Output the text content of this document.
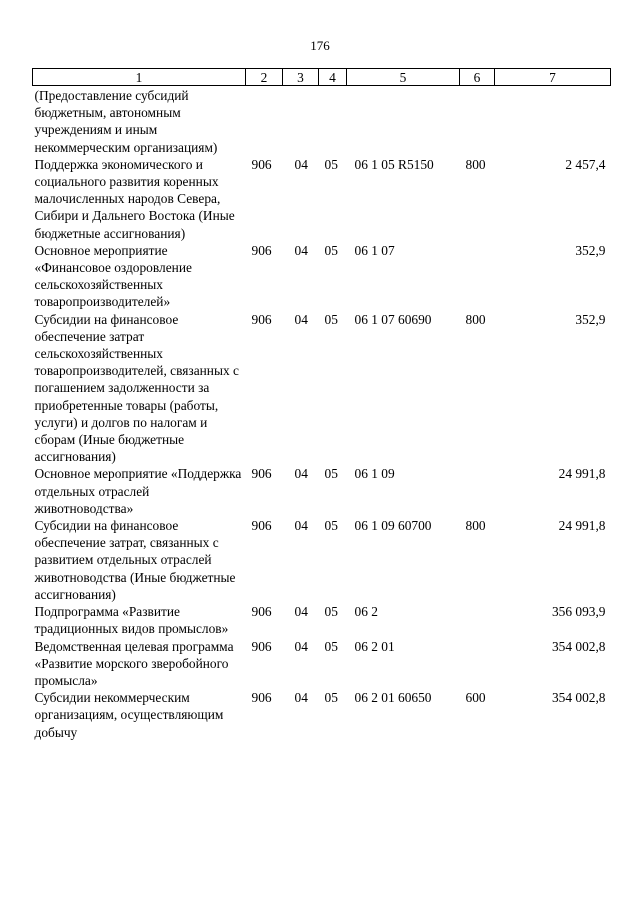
176
1	2	3	4	5	6	7
(Предоставление субсидий бюджетным, автономным учреждениям и иным некоммерческим организациям)						
Поддержка экономического и социального развития коренных малочисленных народов Севера, Сибири и Дальнего Востока (Иные бюджетные ассигнования)	906	04	05	06 1 05 R5150	800	2 457,4
Основное мероприятие «Финансовое оздоровление сельскохозяйственных товаропроизводителей»	906	04	05	06 1 07		352,9
Субсидии на финансовое обеспечение затрат сельскохозяйственных товаропроизводителей, связанных с погашением задолженности за приобретенные товары (работы, услуги) и долгов по налогам и сборам (Иные бюджетные ассигнования)	906	04	05	06 1 07 60690	800	352,9
Основное мероприятие «Поддержка отдельных отраслей животноводства»	906	04	05	06 1 09		24 991,8
Субсидии на финансовое обеспечение затрат, связанных с развитием отдельных отраслей животноводства (Иные бюджетные ассигнования)	906	04	05	06 1 09 60700	800	24 991,8
Подпрограмма «Развитие традиционных видов промыслов»	906	04	05	06 2		356 093,9
Ведомственная целевая программа «Развитие морского зверобойного промысла»	906	04	05	06 2 01		354 002,8
Субсидии некоммерческим организациям, осуществляющим добычу	906	04	05	06 2 01 60650	600	354 002,8
